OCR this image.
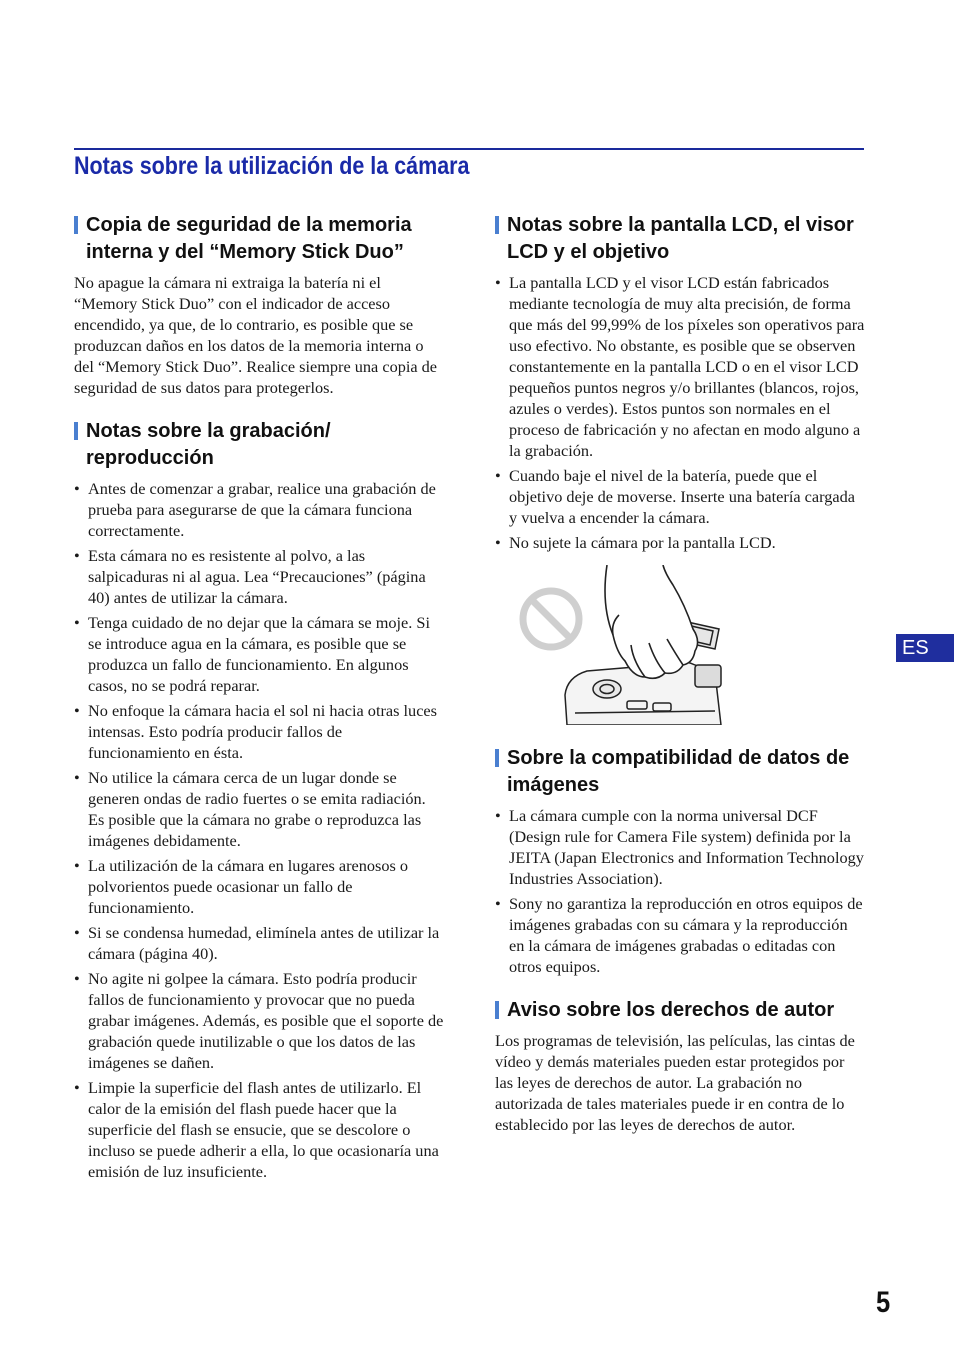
Notas sobre la utilización de la cámara
Copia de seguridad de la memoria interna y del “Memory Stick Duo”

No apague la cámara ni extraiga la batería ni el “Memory Stick Duo” con el indicador de acceso encendido, ya que, de lo contrario, es posible que se produzcan daños en los datos de la memoria interna o del “Memory Stick Duo”. Realice siempre una copia de seguridad de sus datos para protegerlos.

Notas sobre la grabación/ reproducción
• Antes de comenzar a grabar, realice una grabación de prueba para asegurarse de que la cámara funciona correctamente.
• Esta cámara no es resistente al polvo, a las salpicaduras ni al agua. Lea “Precauciones” (página 40) antes de utilizar la cámara.
• Tenga cuidado de no dejar que la cámara se moje. Si se introduce agua en la cámara, es posible que se produzca un fallo de funcionamiento. En algunos casos, no se podrá reparar.
• No enfoque la cámara hacia el sol ni hacia otras luces intensas. Esto podría producir fallos de funcionamiento en ésta.
• No utilice la cámara cerca de un lugar donde se generen ondas de radio fuertes o se emita radiación. Es posible que la cámara no grabe o reproduzca las imágenes debidamente.
• La utilización de la cámara en lugares arenosos o polvorientos puede ocasionar un fallo de funcionamiento.
• Si se condensa humedad, elimínela antes de utilizar la cámara (página 40).
• No agite ni golpee la cámara. Esto podría producir fallos de funcionamiento y provocar que no pueda grabar imágenes. Además, es posible que el soporte de grabación quede inutilizable o que los datos de las imágenes se dañen.
• Limpie la superficie del flash antes de utilizarlo. El calor de la emisión del flash puede hacer que la superficie del flash se ensucie, que se descolore o incluso se puede adherir a ella, lo que ocasionaría una emisión de luz insuficiente.
Notas sobre la pantalla LCD, el visor LCD y el objetivo
• La pantalla LCD y el visor LCD están fabricados mediante tecnología de muy alta precisión, de forma que más del 99,99% de los píxeles son operativos para uso efectivo. No obstante, es posible que se observen constantemente en la pantalla LCD o en el visor LCD pequeños puntos negros y/o brillantes (blancos, rojos, azules o verdes). Estos puntos son normales en el proceso de fabricación y no afectan en modo alguno a la grabación.
• Cuando baje el nivel de la batería, puede que el objetivo deje de moverse. Inserte una batería cargada y vuelva a encender la cámara.
• No sujete la cámara por la pantalla LCD.
Sobre la compatibilidad de datos de imágenes
• La cámara cumple con la norma universal DCF (Design rule for Camera File system) definida por la JEITA (Japan Electronics and Information Technology Industries Association).
• Sony no garantiza la reproducción en otros equipos de imágenes grabadas con su cámara y la reproducción en la cámara de imágenes grabadas o editadas con otros equipos.
Aviso sobre los derechos de autor

Los programas de televisión, las películas, las cintas de vídeo y demás materiales pueden estar protegidos por las leyes de derechos de autor. La grabación no autorizada de tales materiales puede ir en contra de lo establecido por las leyes de derechos de autor.

ES
5
